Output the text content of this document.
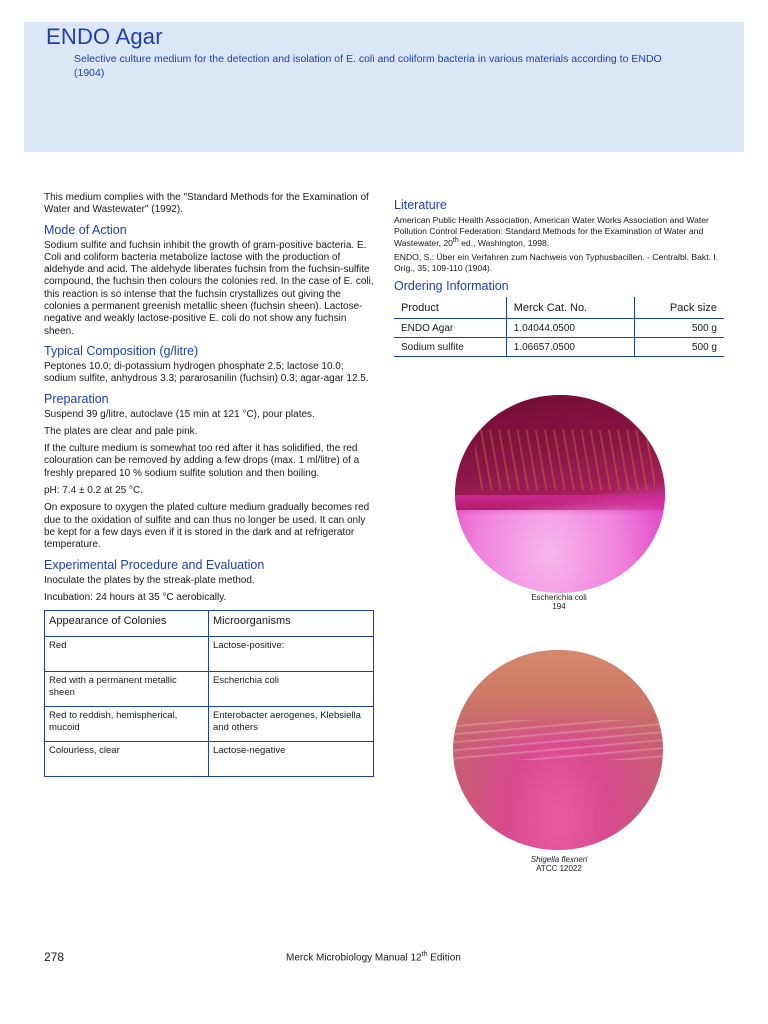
ENDO Agar
Selective culture medium for the detection and isolation of E. coli and coliform bacteria in various materials according to ENDO (1904)

This medium complies with the "Standard Methods for the Examination of Water and Wastewater" (1992).

Mode of Action

Sodium sulfite and fuchsin inhibit the growth of gram-positive bacteria. E. Coli and coliform bacteria metabolize lactose with the production of aldehyde and acid. The aldehyde liberates fuchsin from the fuchsin-sulfite compound, the fuchsin then colours the colonies red. In the case of E. coli, this reaction is so intense that the fuchsin crystallizes out giving the colonies a permanent greenish metallic sheen (fuchsin sheen). Lactose-negative and weakly lactose-positive E. coli do not show any fuchsin sheen.

Typical Composition (g/litre)

Peptones 10.0; di-potassium hydrogen phosphate 2.5; lactose 10.0; sodium sulfite, anhydrous 3.3; pararosanilin (fuchsin) 0.3; agar-agar 12.5.

Preparation

Suspend 39 g/litre, autoclave (15 min at 121 °C), pour plates.

The plates are clear and pale pink.

If the culture medium is somewhat too red after it has solidified, the red colouration can be removed by adding a few drops (max. 1 ml/litre) of a freshly prepared 10 % sodium sulfite solution and then boiling.

pH: 7.4 ± 0.2 at 25 °C.

On exposure to oxygen the plated culture medium gradually becomes red due to the oxidation of sulfite and can thus no longer be used. It can only be kept for a few days even if it is stored in the dark and at refrigerator temperature.

Experimental Procedure and Evaluation

Inoculate the plates by the streak-plate method.

Incubation: 24 hours at 35 °C aerobically.

Appearance of Colonies	Microorganisms
Red	Lactose-positive:
Red with a permanent metallic sheen	Escherichia coli
Red to reddish, hemispherical, mucoid	Enterobacter aerogenes, Klebsiella and others
Colourless, clear	Lactose-negative
Literature

American Public Health Association, American Water Works Association and Water Pollution Control Federation: Standard Methods for the Examination of Water and Wastewater, 20th ed., Washington, 1998.

ENDO, S.: Über ein Verfahren zum Nachweis von Typhusbacillen. - Centralbl. Bakt. I. Orig., 35; 109-110 (1904).

Ordering Information
Product	Merck Cat. No.	Pack size
ENDO Agar	1.04044.0500	500 g
Sodium sulfite	1.06657.0500	500 g
Escherichia coli
194
Shigella flexneri
ATCC 12022
278	Merck Microbiology Manual 12th Edition
